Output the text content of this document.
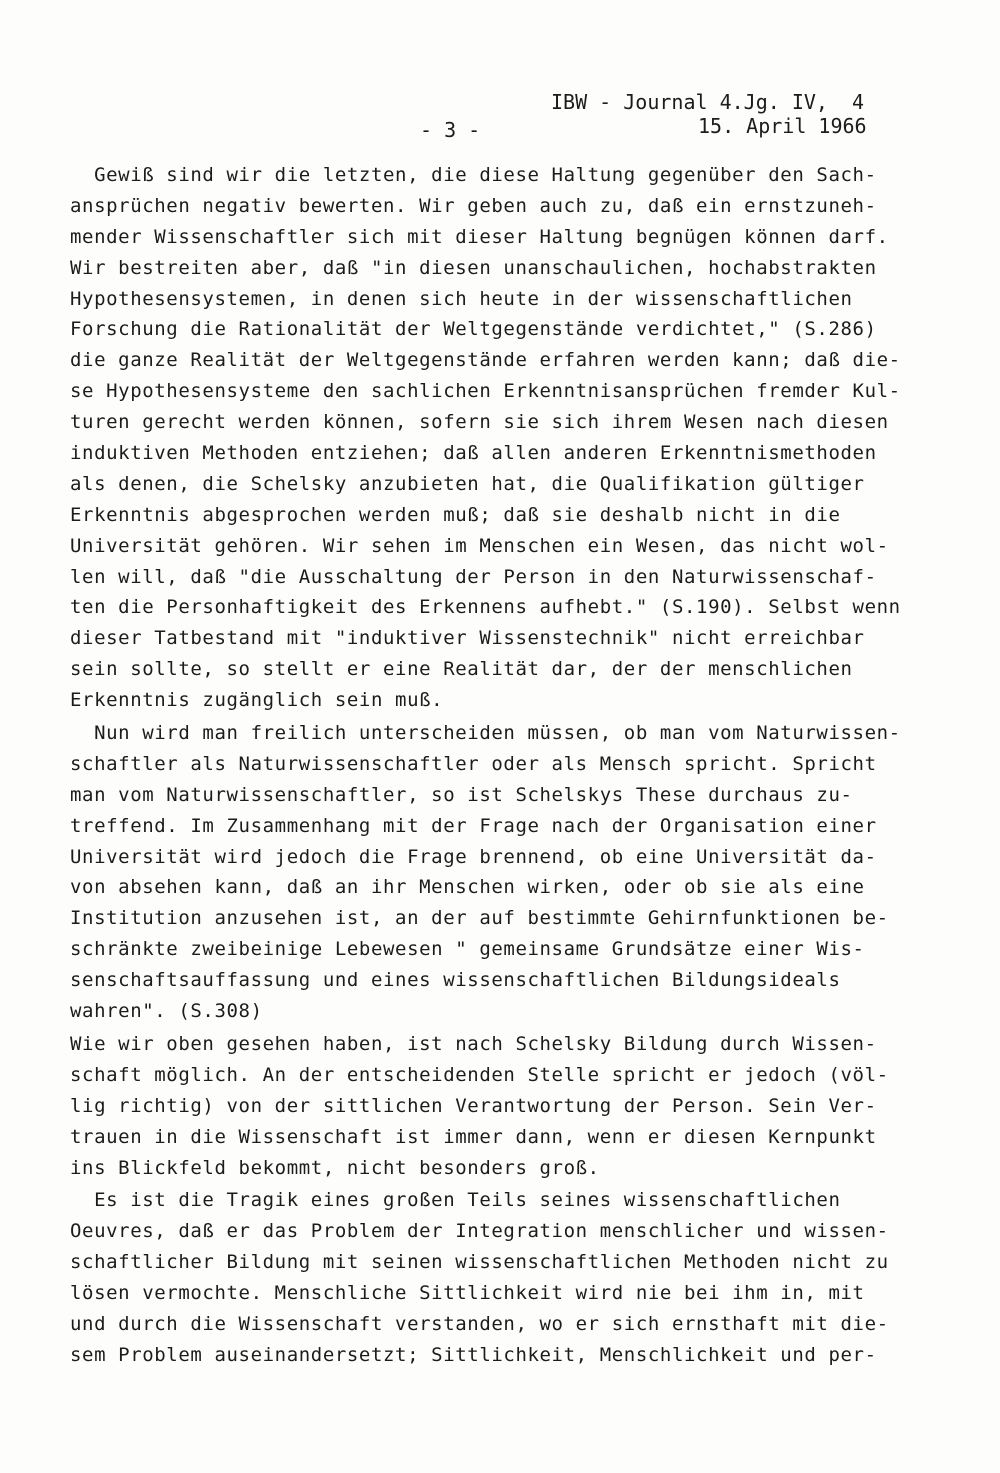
IBW - Journal 4.Jg. IV,  4
- 3 -	15. April 1966
Gewiß sind wir die letzten, die diese Haltung gegenüber den Sach-
ansprüchen negativ bewerten. Wir geben auch zu, daß ein ernstzuneh-
mender Wissenschaftler sich mit dieser Haltung begnügen können darf.
Wir bestreiten aber, daß "in diesen unanschaulichen, hochabstrakten
Hypothesensystemen, in denen sich heute in der wissenschaftlichen
Forschung die Rationalität der Weltgegenstände verdichtet," (S.286)
die ganze Realität der Weltgegenstände erfahren werden kann; daß die-
se Hypothesensysteme den sachlichen Erkenntnisansprüchen fremder Kul-
turen gerecht werden können, sofern sie sich ihrem Wesen nach diesen
induktiven Methoden entziehen; daß allen anderen Erkenntnismethoden
als denen, die Schelsky anzubieten hat, die Qualifikation gültiger
Erkenntnis abgesprochen werden muß; daß sie deshalb nicht in die
Universität gehören. Wir sehen im Menschen ein Wesen, das nicht wol-
len will, daß "die Ausschaltung der Person in den Naturwissenschaf-
ten die Personhaftigkeit des Erkennens aufhebt." (S.190). Selbst wenn
dieser Tatbestand mit "induktiver Wissenstechnik" nicht erreichbar
sein sollte, so stellt er eine Realität dar, der der menschlichen
Erkenntnis zugänglich sein muß.
Nun wird man freilich unterscheiden müssen, ob man vom Naturwissen-
schaftler als Naturwissenschaftler oder als Mensch spricht. Spricht
man vom Naturwissenschaftler, so ist Schelskys These durchaus zu-
treffend. Im Zusammenhang mit der Frage nach der Organisation einer
Universität wird jedoch die Frage brennend, ob eine Universität da-
von absehen kann, daß an ihr Menschen wirken, oder ob sie als eine
Institution anzusehen ist, an der auf bestimmte Gehirnfunktionen be-
schränkte zweibeinige Lebewesen " gemeinsame Grundsätze einer Wis-
senschaftsauffassung und eines wissenschaftlichen Bildungsideals
wahren". (S.308)
Wie wir oben gesehen haben, ist nach Schelsky Bildung durch Wissen-
schaft möglich. An der entscheidenden Stelle spricht er jedoch (völ-
lig richtig) von der sittlichen Verantwortung der Person. Sein Ver-
trauen in die Wissenschaft ist immer dann, wenn er diesen Kernpunkt
ins Blickfeld bekommt, nicht besonders groß.
Es ist die Tragik eines großen Teils seines wissenschaftlichen
Oeuvres, daß er das Problem der Integration menschlicher und wissen-
schaftlicher Bildung mit seinen wissenschaftlichen Methoden nicht zu
lösen vermochte. Menschliche Sittlichkeit wird nie bei ihm in, mit
und durch die Wissenschaft verstanden, wo er sich ernsthaft mit die-
sem Problem auseinandersetzt; Sittlichkeit, Menschlichkeit und per-
